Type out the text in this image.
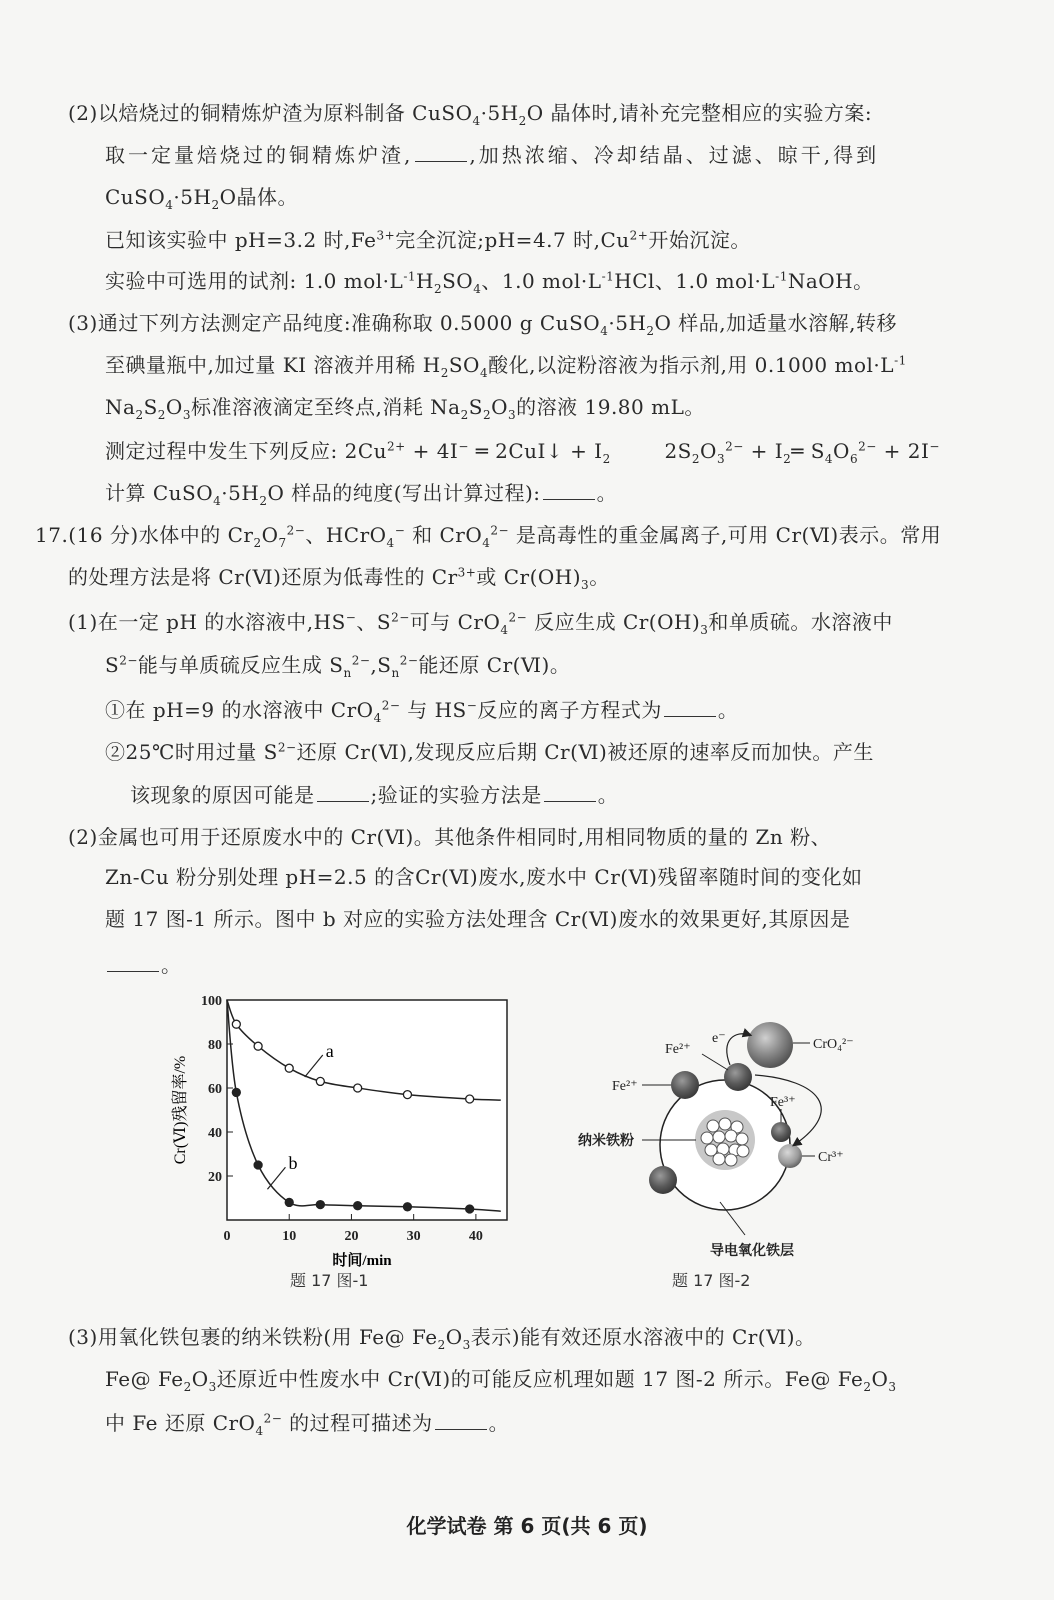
(2)以焙烧过的铜精炼炉渣为原料制备 $CuSO_4\cdot 5H_2O$ 晶体时,请补充完整相应的实验方案:
取一定量焙烧过的铜精炼炉渣,	,加热浓缩、冷却结晶、过滤、晾干,得到
$CuSO_4\cdot 5H_2O$晶体。
已知该实验中 pH=3.2 时$,Fe^{3+}$完全沉淀;pH=4.7 时$,Cu^{2+}$开始沉淀。
实验中可选用的试剂: 1.0 $mol\cdot L^{-1}H_2SO_4$、1.0 $mol\cdot L^{-1}HCl$、1.0 $mol\cdot L^{-1}NaOH$。
(3)通过下列方法测定产品纯度:准确称取 0.5000 g $CuSO_4\cdot 5H_2O$ 样品,加适量水溶解,转移
至碘量瓶中,加过量 KI 溶液并用稀 $H_2SO_4$酸化,以淀粉溶液为指示剂,用 0.1000 $mol\cdot L^{-1}$
$Na_2S_2O_3$标准溶液滴定至终点,消耗 $Na_2S_2O_3$的溶液 19.80 mL。
测定过程中发生下列反应: $2Cu^{2+} + 4I^-$ ═ 2CuI↓ + $I_2$	$2S_2O_3^{2-}$ + $I_2═$ $S_4O_6^{2-} + 2I^-$
计算 $CuSO_4\cdot 5H_2O$ 样品的纯度(写出计算过程):	。
17.(16 分)水体中的 $Cr_2O_7^{2-}$、HCrO$_4$− 和 CrO$_4^{2-}$ 是高毒性的重金属离子,可用 Cr(Ⅵ)表示。常用
的处理方法是将 Cr(Ⅵ)还原为低毒性的 $Cr^{3+}$或 $Cr(OH)_3$。
(1)在一定 pH 的水溶液中,HS−、$S^{2-}$可与 CrO$_4^{2-}$ 反应生成 $Cr(OH)_3$和单质硫。水溶液中
$S^{2-}$能与单质硫反应生成 $S_n^{2-},S_n^{2-}$能还原 Cr(Ⅵ)。
①在 pH=9 的水溶液中 CrO$_4^{2-}$ 与 HS−反应的离子方程式为	。
②25℃时用过量 $S^{2-}$还原 Cr(Ⅵ),发现反应后期 Cr(Ⅵ)被还原的速率反而加快。产生
该现象的原因可能是	;验证的实验方法是	。
(2)金属也可用于还原废水中的 Cr(Ⅵ)。其他条件相同时,用相同物质的量的 Zn 粉、
Zn-Cu 粉分别处理 pH=2.5 的含Cr(Ⅵ)废水,废水中 Cr(Ⅵ)残留率随时间的变化如
题 17 图-1 所示。图中 b 对应的实验方法处理含 Cr(Ⅵ)废水的效果更好,其原因是
。
20
40
60
80
100
0	10	20	30	40
时间/min
Cr(Ⅵ)残留率/%
a
b
题 17 图-1
CrO₄²⁻
Fe²⁺
e⁻
Fe²⁺
Fe³⁺
Cr³⁺
纳米铁粉
导电氧化铁层
题 17 图-2
(3)用氧化铁包裹的纳米铁粉(用 Fe@ $Fe_2O_3$表示)能有效还原水溶液中的 Cr(Ⅵ)。
Fe@ $Fe_2O_3$还原近中性废水中 Cr(Ⅵ)的可能反应机理如题 17 图-2 所示。Fe@ $Fe_2O_3$
中 Fe 还原 CrO$_4^{2-}$ 的过程可描述为	。
化学试卷 第 6 页(共 6 页)
